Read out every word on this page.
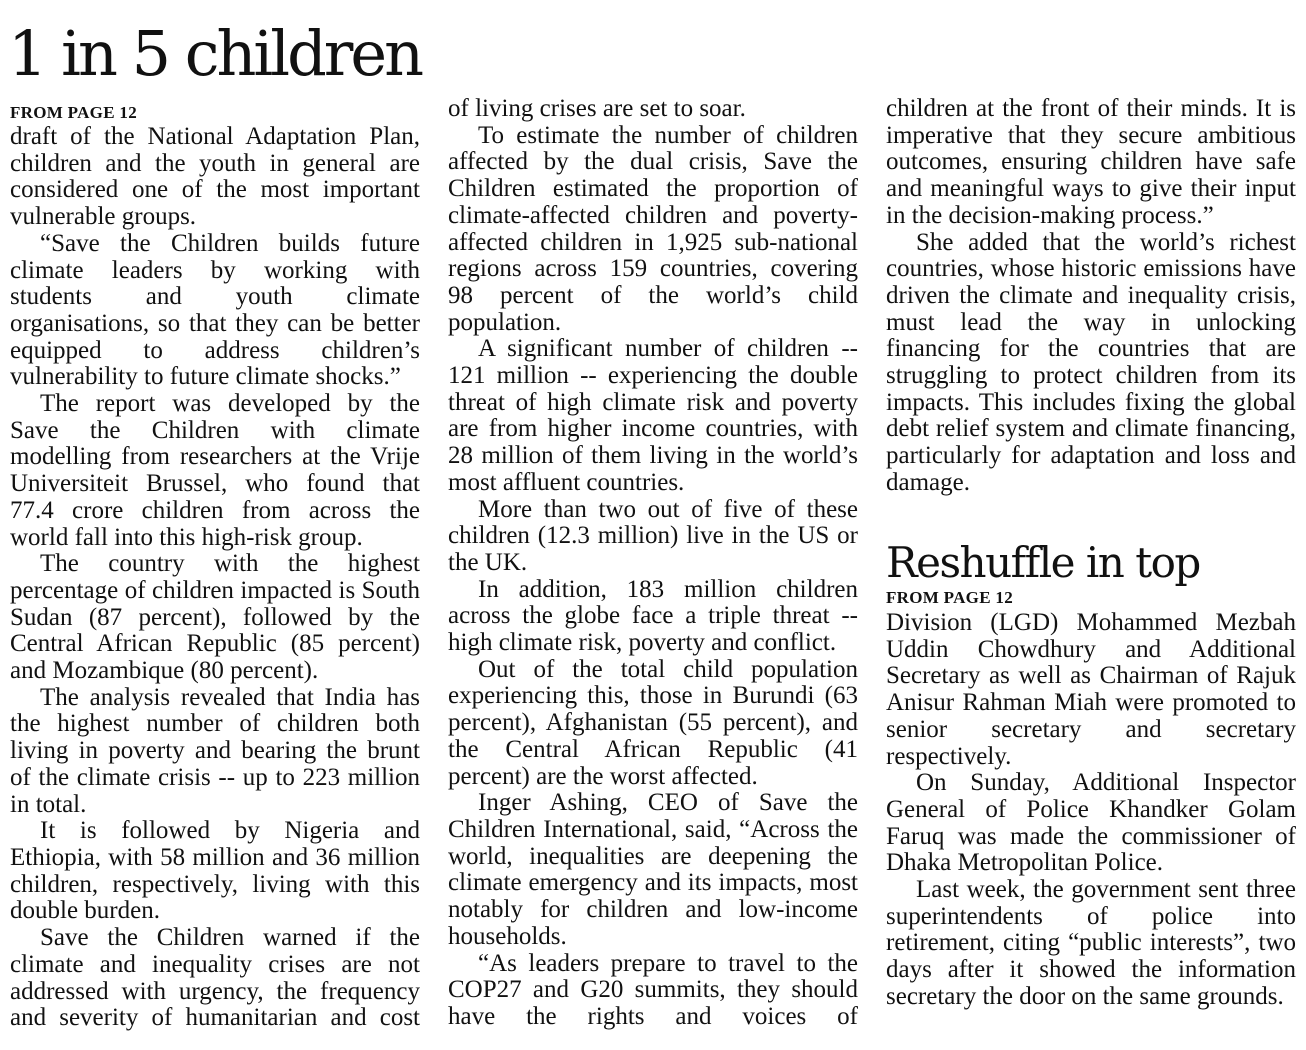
1 in 5 children
FROM PAGE 12

draft of the National Adaptation Plan, children and the youth in general are considered one of the most important vulnerable groups.

“Save the Children builds future climate leaders by working with students and youth climate organisations, so that they can be better equipped to address children’s vulnerability to future climate shocks.”

The report was developed by the Save the Children with climate modelling from researchers at the Vrije Universiteit Brussel, who found that 77.4 crore children from across the world fall into this high-risk group.

The country with the highest percentage of children impacted is South Sudan (87 percent), followed by the Central African Republic (85 percent) and Mozambique (80 percent).

The analysis revealed that India has the highest number of children both living in poverty and bearing the brunt of the climate crisis -- up to 223 million in total.

It is followed by Nigeria and Ethiopia, with 58 million and 36 million children, respectively, living with this double burden.

Save the Children warned if the climate and inequality crises are not addressed with urgency, the frequency and severity of humanitarian and cost

of living crises are set to soar.

To estimate the number of children affected by the dual crisis, Save the Children estimated the proportion of climate-affected children and poverty-affected children in 1,925 sub-national regions across 159 countries, covering 98 percent of the world’s child population.

A significant number of children -- 121 million -- experiencing the double threat of high climate risk and poverty are from higher income countries, with 28 million of them living in the world’s most affluent countries.

More than two out of five of these children (12.3 million) live in the US or the UK.

In addition, 183 million children across the globe face a triple threat -- high climate risk, poverty and conflict.

Out of the total child population experiencing this, those in Burundi (63 percent), Afghanistan (55 percent), and the Central African Republic (41 percent) are the worst affected.

Inger Ashing, CEO of Save the Children International, said, “Across the world, inequalities are deepening the climate emergency and its impacts, most notably for children and low-income households.

“As leaders prepare to travel to the COP27 and G20 summits, they should have the rights and voices of

children at the front of their minds. It is imperative that they secure ambitious outcomes, ensuring children have safe and meaningful ways to give their input in the decision-making process.”

She added that the world’s richest countries, whose historic emissions have driven the climate and inequality crisis, must lead the way in unlocking financing for the countries that are struggling to protect children from its impacts. This includes fixing the global debt relief system and climate financing, particularly for adaptation and loss and damage.

Reshuffle in top
FROM PAGE 12

Division (LGD) Mohammed Mezbah Uddin Chowdhury and Additional Secretary as well as Chairman of Rajuk Anisur Rahman Miah were promoted to senior secretary and secretary respectively.

On Sunday, Additional Inspector General of Police Khandker Golam Faruq was made the commissioner of Dhaka Metropolitan Police.

Last week, the government sent three superintendents of police into retirement, citing “public interests”, two days after it showed the information secretary the door on the same grounds.
